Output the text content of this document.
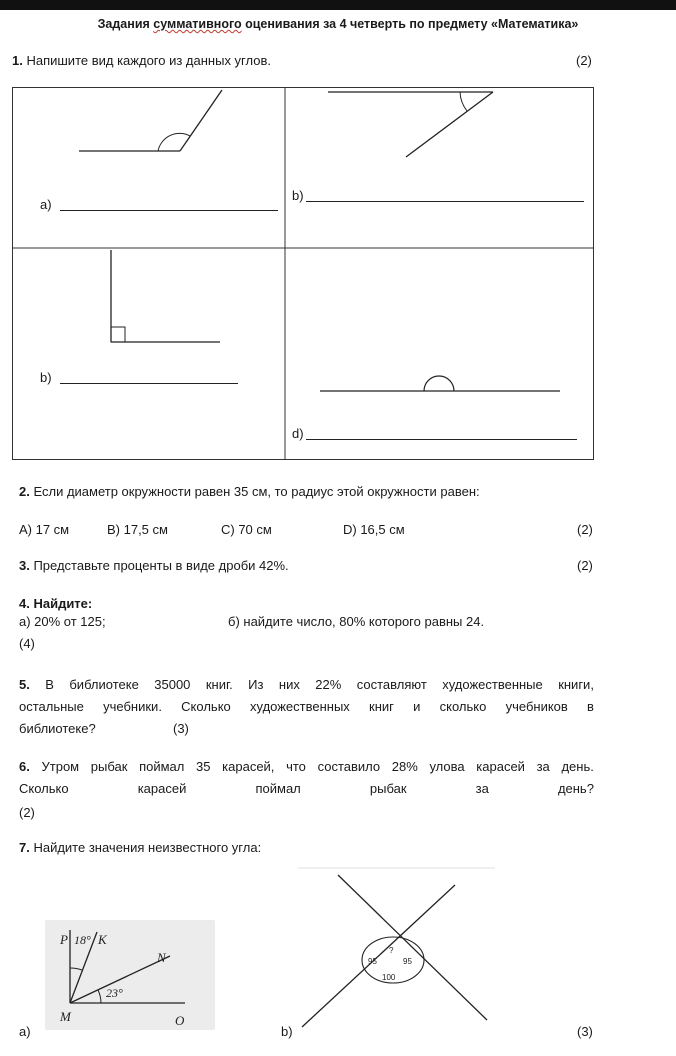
Задания суммативного оценивания за 4 четверть по предмету «Математика»
1. Напишите вид каждого из данных углов.	(2)
a)
b)
b)
d)
2. Если диаметр окружности равен 35 см, то радиус этой окружности равен:
A) 17 см	B) 17,5 см	C) 70 см	D) 16,5 см	(2)
3. Представьте проценты в виде дроби 42%.	(2)
4. Найдите:
а) 20% от 125;	б) найдите число, 80% которого равны 24.
(4)
5. В библиотеке 35000 книг. Из них 22% составляют художественные книги,
остальные учебники. Сколько художественных книг и сколько учебников в
библиотеке?	(3)
6. Утром рыбак поймал 35 карасей, что составило 28% улова карасей за день.
Сколько	карасей	поймал	рыбак	за	день?
(2)
7. Найдите значения неизвестного угла:
P 18° K
N
23°
M	O
а)
?
95	95
100
b)	(3)
